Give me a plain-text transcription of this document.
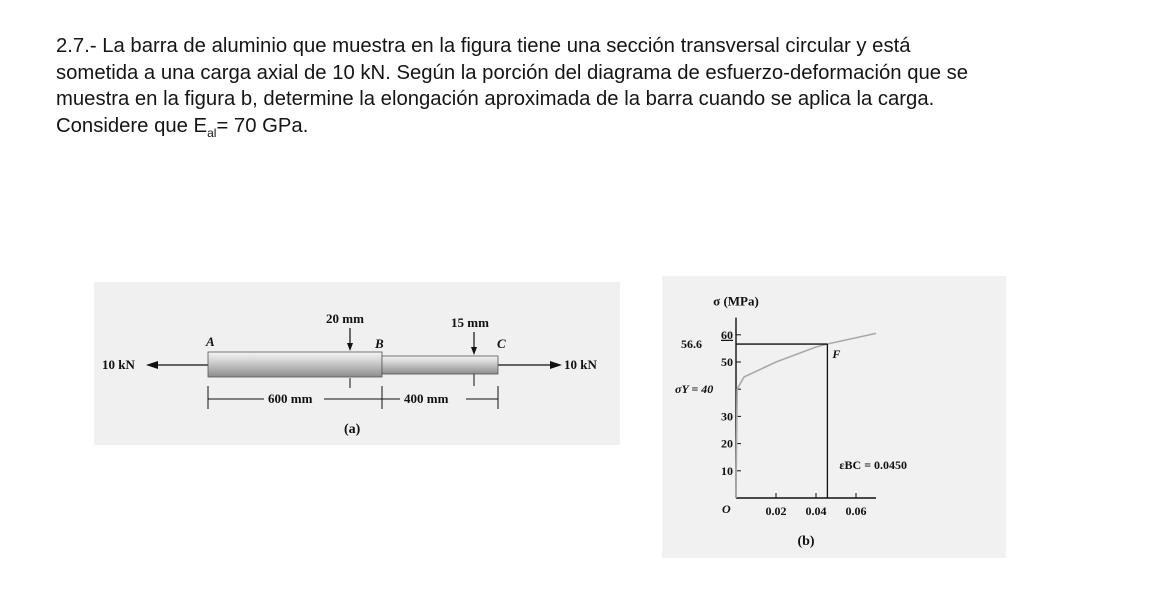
2.7.- La barra de aluminio que muestra en la figura tiene una sección transversal circular y está
sometida a una carga axial de 10 kN. Según la porción del diagrama de esfuerzo-deformación que se
muestra en la figura b, determine la elongación aproximada de la barra cuando se aplica la carga.
Considere que $E_{al}= 70$ GPa.

10 kN	10 kN
A	B	C
20 mm	15 mm
600 mm	400 mm
(a)
10
20
30
50
60
0.02 0.04 0.06
σ (MPa)
O
56.6
σY = 40
F
εBC = 0.0450
(b)
